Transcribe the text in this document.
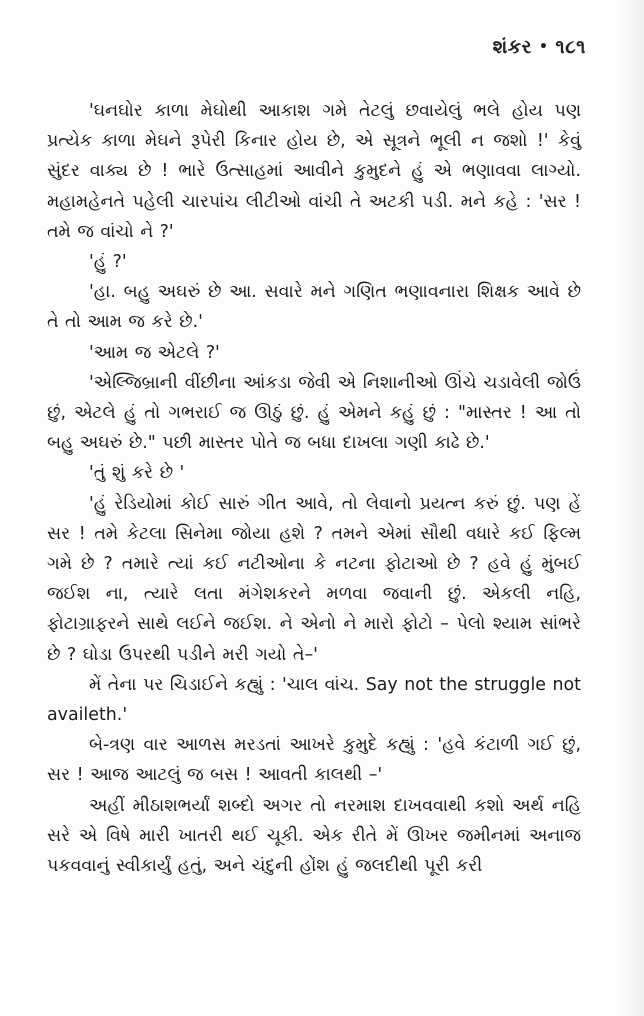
શંકર • ૧૮૧

'ઘનઘોર કાળા મેઘોથી આકાશ ગમે તેટલું છવાયેલું ભલે હોય પણ પ્રત્યેક કાળા મેઘને રૂપેરી કિનાર હોય છે, એ સૂત્રને ભૂલી ન જશો !' કેવું સુંદર વાક્ય છે ! ભારે ઉત્સાહમાં આવીને કુમુદને હું એ ભણાવવા લાગ્યો. મહામહેનતે પહેલી ચારપાંચ લીટીઓ વાંચી તે અટકી પડી. મને કહે : 'સર ! તમે જ વાંચો ને ?'

'હું ?'

'હા. બહુ અઘરું છે આ. સવારે મને ગણિત ભણાવનારા શિક્ષક આવે છે તે તો આમ જ કરે છે.'

'આમ જ એટલે ?'

'એલ્જિબ્રાની વીંછીના આંકડા જેવી એ નિશાનીઓ ઊંચે ચડાવેલી જોઉં છું, એટલે હું તો ગભરાઈ જ ઊઠું છું. હું એમને કહું છું : "માસ્તર ! આ તો બહુ અઘરું છે." પછી માસ્તર પોતે જ બધા દાખલા ગણી કાઢે છે.'

'તું શું કરે છે '

'હું રેડિયોમાં કોઈ સારું ગીત આવે, તો લેવાનો પ્રયત્ન કરું છું. પણ હેં સર ! તમે કેટલા સિનેમા જોયા હશે ? તમને એમાં સૌથી વધારે કઈ ફિલ્મ ગમે છે ? તમારે ત્યાં કઈ નટીઓના કે નટના ફોટાઓ છે ? હવે હું મુંબઈ જઈશ ના, ત્યારે લતા મંગેશકરને મળવા જવાની છું. એકલી નહિ, ફોટાગ્રાફરને સાથે લઈને જઈશ. ને એનો ને મારો ફોટો – પેલો શ્યામ સાંભરે છે ? ઘોડા ઉપરથી પડીને મરી ગયો તે–'

મેં તેના પર ચિડાઈને કહ્યું : 'ચાલ વાંચ. Say not the struggle not availeth.'

બે-ત્રણ વાર આળસ મરડતાં આખરે કુમુદે કહ્યું : 'હવે કંટાળી ગઈ છું, સર ! આજ આટલું જ બસ ! આવતી કાલથી –'

અહીં મીઠાશભર્યાં શબ્દો અગર તો નરમાશ દાખવવાથી કશો અર્થ નહિ સરે એ વિષે મારી ખાતરી થઈ ચૂકી. એક રીતે મેં ઊખર જમીનમાં અનાજ પકવવાનું સ્વીકાર્યું હતું, અને ચંદુની હોંશ હું જલદીથી પૂરી કરી
